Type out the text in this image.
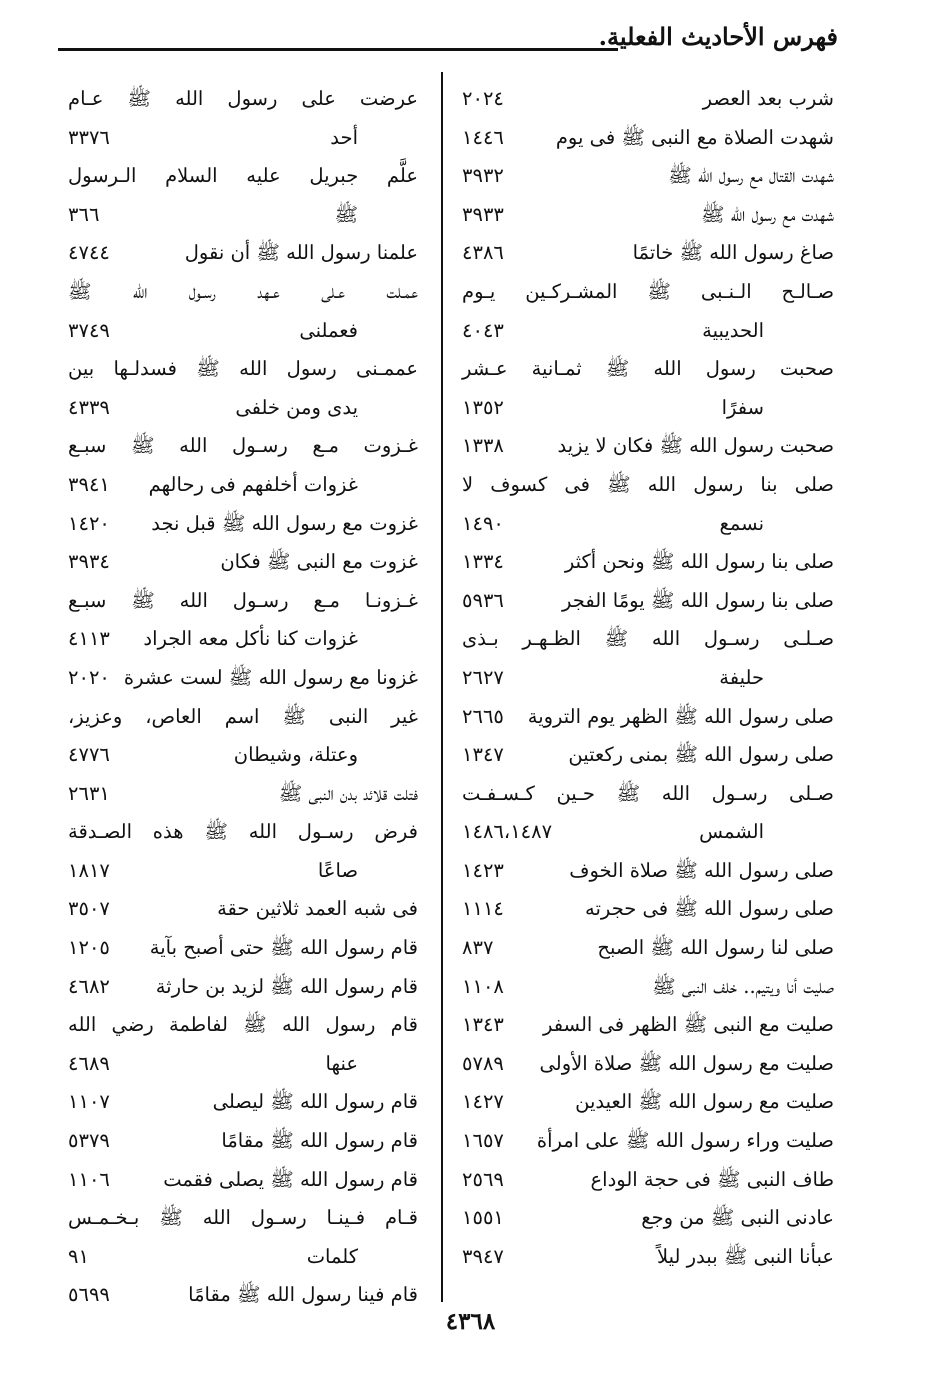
فهرس الأحاديث الفعلية.
شرب بعد العصر
٢٠٢٤
شهدت الصلاة مع النبى ﷺ فى يوم
١٤٤٦
شهدت القتال مع رسول الله ﷺ
٣٩٣٢
شهدت مع رسول الله ﷺ
٣٩٣٣
صاغ رسول الله ﷺ خاتمًا
٤٣٨٦
صـالـح الـنـبى ﷺ المشـركـين يـوم
الحديبية
٤٠٤٣
صحبت رسول الله ﷺ ثمـانية عـشر
سفرًا
١٣٥٢
صحبت رسول الله ﷺ فكان لا يزيد
١٣٣٨
صلى بنا رسول الله ﷺ فى كسوف لا
نسمع
١٤٩٠
صلى بنا رسول الله ﷺ ونحن أكثر
١٣٣٤
صلى بنا رسول الله ﷺ يومًا الفجر
٥٩٣٦
صـلـى رسـول الله ﷺ الظـهـر بـذى
حليفة
٢٦٢٧
صلى رسول الله ﷺ الظهر يوم التروية
٢٦٦٥
صلى رسول الله ﷺ بمنى ركعتين
١٣٤٧
صـلى رسـول الله ﷺ حـين كـسـفـت
الشمس
١٤٨٦،١٤٨٧
صلى رسول الله ﷺ صلاة الخوف
١٤٢٣
صلى رسول الله ﷺ فى حجرته
١١١٤
صلى لنا رسول الله ﷺ الصبح
٨٣٧
صليت أنا ويتيم.. خلف النبى ﷺ
١١٠٨
صليت مع النبى ﷺ الظهر فى السفر
١٣٤٣
صليت مع رسول الله ﷺ صلاة الأولى
٥٧٨٩
صليت مع رسول الله ﷺ العيدين
١٤٢٧
صليت وراء رسول الله ﷺ على امرأة
١٦٥٧
طاف النبى ﷺ فى حجة الوداع
٢٥٦٩
عادنى النبى ﷺ من وجع
١٥٥١
عبأنا النبى ﷺ ببدر ليلاً
٣٩٤٧
عرضت على رسول الله ﷺ عـام
أحد
٣٣٧٦
علَّم جبريل عليه السلام الـرسول
ﷺ
٣٦٦
علمنا رسول الله ﷺ أن نقول
٤٧٤٤
عمـلت عـلى عـهد رسـول الله ﷺ
فعملنى
٣٧٤٩
عممـنى رسول الله ﷺ فسدلـها بين
يدى ومن خلفى
٤٣٣٩
غـزوت مـع رسـول الله ﷺ سبـع
غزوات أخلفهم فى رحالهم
٣٩٤١
غزوت مع رسول الله ﷺ قبل نجد
١٤٢٠
غزوت مع النبى ﷺ فكان
٣٩٣٤
غـزونـا مـع رسـول الله ﷺ سبـع
غزوات كنا نأكل معه الجراد
٤١١٣
غزونا مع رسول الله ﷺ لست عشرة
٢٠٢٠
غير النبى ﷺ اسم العاص، وعزيز،
وعتلة، وشيطان
٤٧٧٦
فتلت قلائد بدن النبى ﷺ
٢٦٣١
فرض رسـول الله ﷺ هذه الصـدقة
صاعًا
١٨١٧
فى شبه العمد ثلاثين حقة
٣٥٠٧
قام رسول الله ﷺ حتى أصبح بآية
١٢٠٥
قام رسول الله ﷺ لزيد بن حارثة
٤٦٨٢
قام رسول الله ﷺ لفاطمة رضي الله
عنها
٤٦٨٩
قام رسول الله ﷺ ليصلى
١١٠٧
قام رسول الله ﷺ مقامًا
٥٣٧٩
قام رسول الله ﷺ يصلى فقمت
١١٠٦
قـام فـينـا رسـول الله ﷺ بـخـمـس
كلمات
٩١
قام فينا رسول الله ﷺ مقامًا
٥٦٩٩
٤٣٦٨
